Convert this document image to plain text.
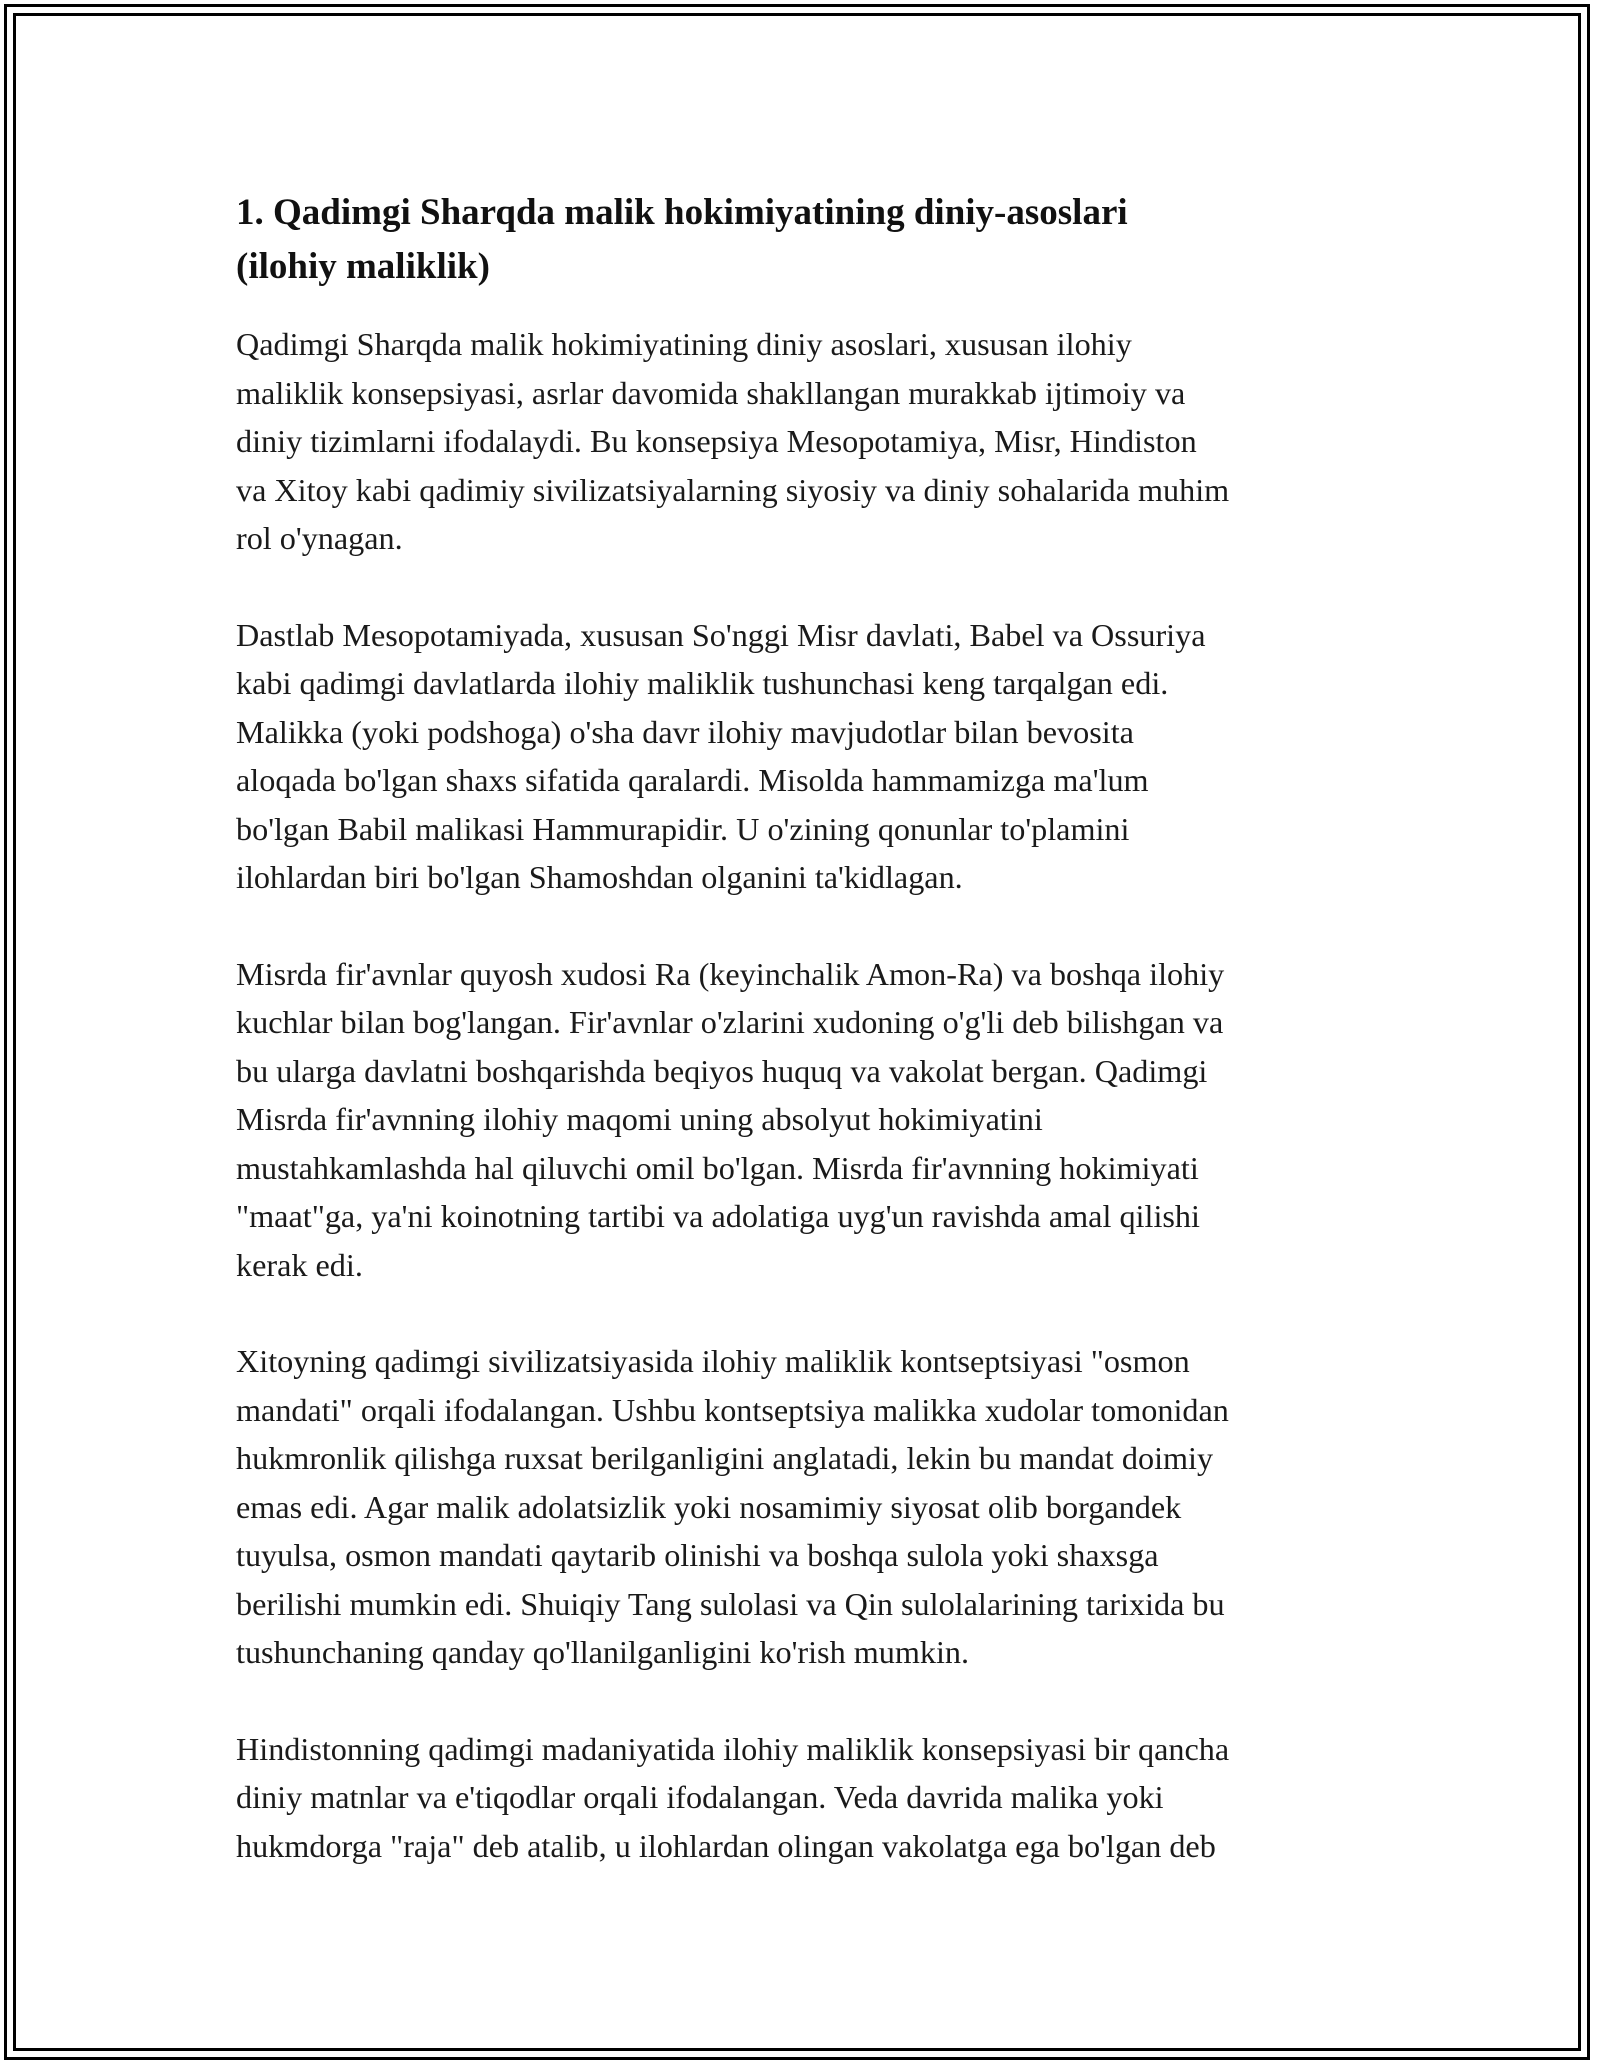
1. Qadimgi Sharqda malik hokimiyatining diniy-asoslari
(ilohiy maliklik)

Qadimgi Sharqda malik hokimiyatining diniy asoslari, xususan ilohiy
maliklik konsepsiyasi, asrlar davomida shakllangan murakkab ijtimoiy va
diniy tizimlarni ifodalaydi. Bu konsepsiya Mesopotamiya, Misr, Hindiston
va Xitoy kabi qadimiy sivilizatsiyalarning siyosiy va diniy sohalarida muhim
rol o'ynagan.

Dastlab Mesopotamiyada, xususan So'nggi Misr davlati, Babel va Ossuriya
kabi qadimgi davlatlarda ilohiy maliklik tushunchasi keng tarqalgan edi.
Malikka (yoki podshoga) o'sha davr ilohiy mavjudotlar bilan bevosita
aloqada bo'lgan shaxs sifatida qaralardi. Misolda hammamizga ma'lum
bo'lgan Babil malikasi Hammurapidir. U o'zining qonunlar to'plamini
ilohlardan biri bo'lgan Shamoshdan olganini ta'kidlagan.

Misrda fir'avnlar quyosh xudosi Ra (keyinchalik Amon-Ra) va boshqa ilohiy
kuchlar bilan bog'langan. Fir'avnlar o'zlarini xudoning o'g'li deb bilishgan va
bu ularga davlatni boshqarishda beqiyos huquq va vakolat bergan. Qadimgi
Misrda fir'avnning ilohiy maqomi uning absolyut hokimiyatini
mustahkamlashda hal qiluvchi omil bo'lgan. Misrda fir'avnning hokimiyati
"maat"ga, ya'ni koinotning tartibi va adolatiga uyg'un ravishda amal qilishi
kerak edi.

Xitoyning qadimgi sivilizatsiyasida ilohiy maliklik kontseptsiyasi "osmon
mandati" orqali ifodalangan. Ushbu kontseptsiya malikka xudolar tomonidan
hukmronlik qilishga ruxsat berilganligini anglatadi, lekin bu mandat doimiy
emas edi. Agar malik adolatsizlik yoki nosamimiy siyosat olib borgandek
tuyulsa, osmon mandati qaytarib olinishi va boshqa sulola yoki shaxsga
berilishi mumkin edi. Shuiqiy Tang sulolasi va Qin sulolalarining tarixida bu
tushunchaning qanday qo'llanilganligini ko'rish mumkin.

Hindistonning qadimgi madaniyatida ilohiy maliklik konsepsiyasi bir qancha
diniy matnlar va e'tiqodlar orqali ifodalangan. Veda davrida malika yoki
hukmdorga "raja" deb atalib, u ilohlardan olingan vakolatga ega bo'lgan deb
